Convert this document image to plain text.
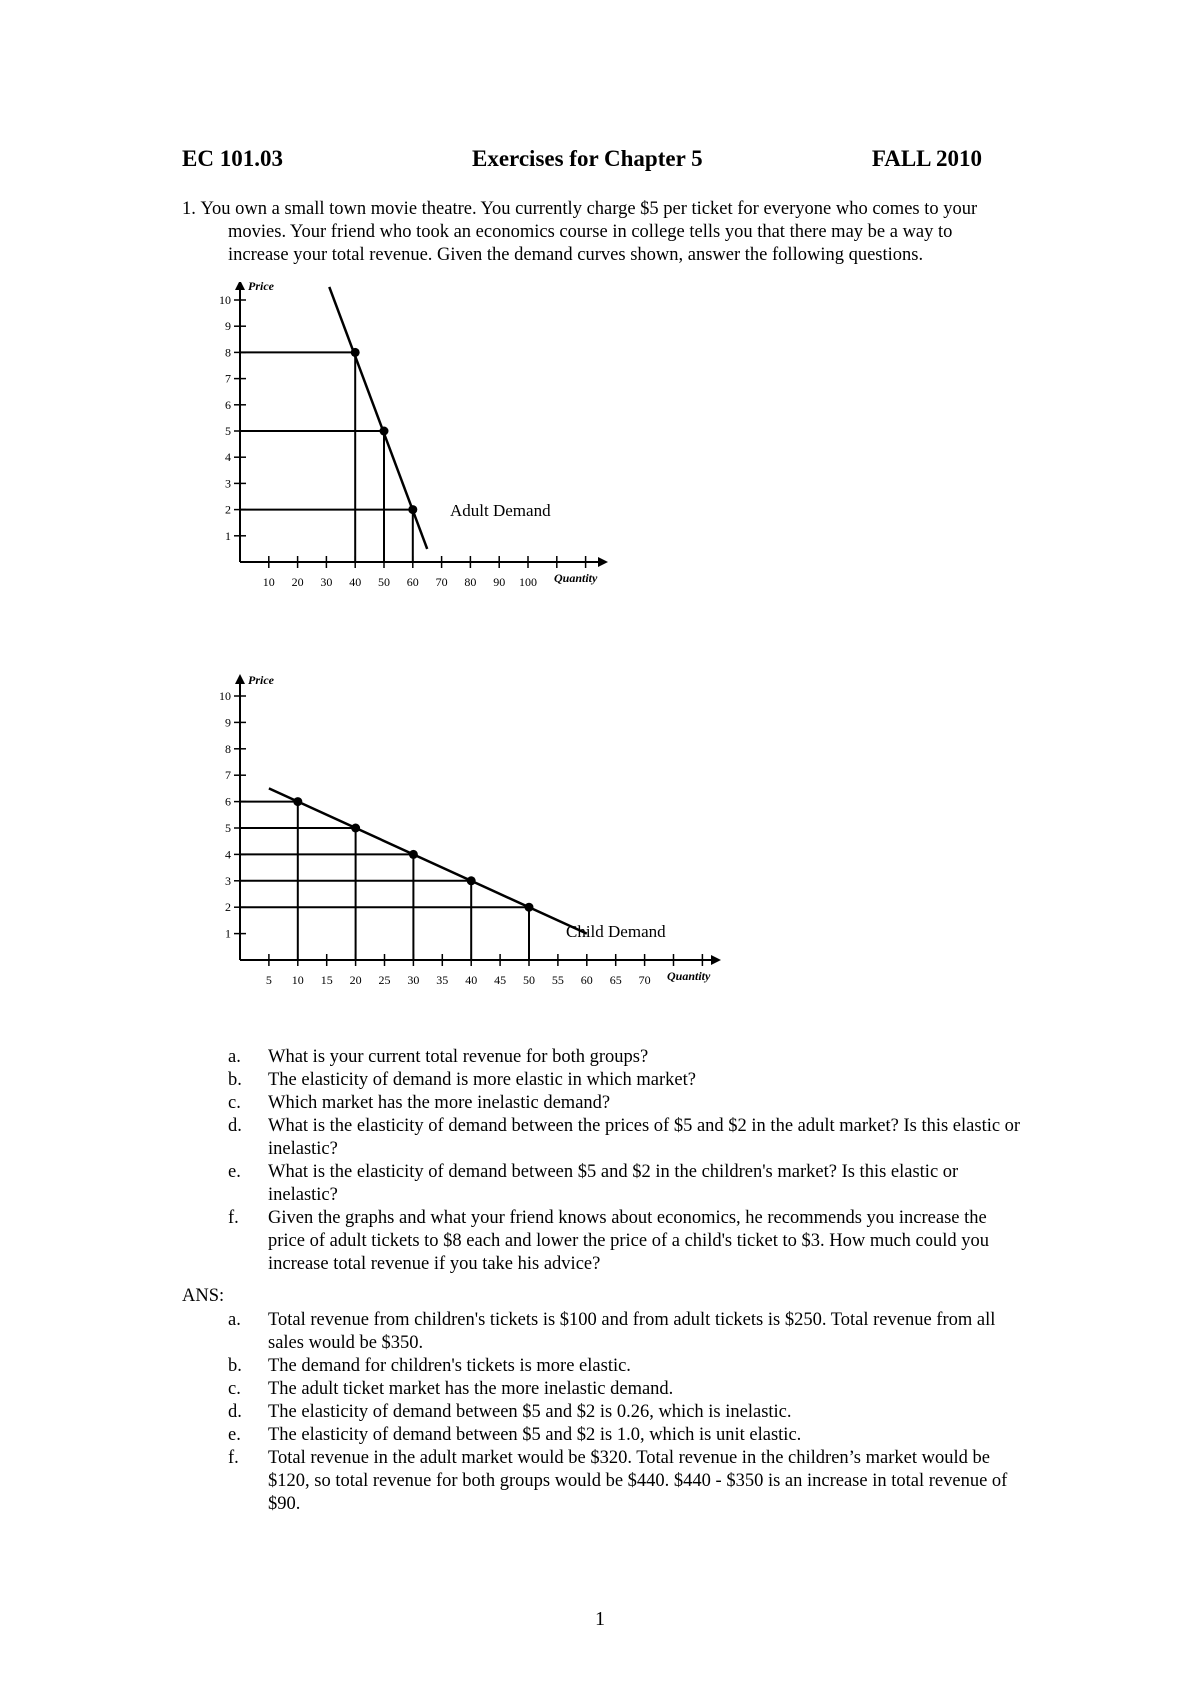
EC 101.03	Exercises for Chapter 5	FALL 2010

1. You own a small town movie theatre. You currently charge $5 per ticket for everyone who comes to your movies. Your friend who took an economics course in college tells you that there may be a way to increase your total revenue. Given the demand curves shown, answer the following questions.

1
2
3
4
5
6
7
8
9
10
10 20 30 40 50 60 70 80 90 100
Price
Quantity
Adult Demand
1
2
3
4
5
6
7
8
9
10
5 10 15 20 25 30 35 40 45 50 55 60 65 70
Price
Quantity
Child Demand
a. What is your current total revenue for both groups?
b. The elasticity of demand is more elastic in which market?
c. Which market has the more inelastic demand?
d. What is the elasticity of demand between the prices of $5 and $2 in the adult market? Is this elastic or inelastic?
e. What is the elasticity of demand between $5 and $2 in the children's market? Is this elastic or inelastic?
f. Given the graphs and what your friend knows about economics, he recommends you increase the price of adult tickets to $8 each and lower the price of a child's ticket to $3. How much could you increase total revenue if you take his advice?
ANS:
a. Total revenue from children's tickets is $100 and from adult tickets is $250. Total revenue from all sales would be $350.
b. The demand for children's tickets is more elastic.
c. The adult ticket market has the more inelastic demand.
d. The elasticity of demand between $5 and $2 is 0.26, which is inelastic.
e. The elasticity of demand between $5 and $2 is 1.0, which is unit elastic.
f. Total revenue in the adult market would be $320. Total revenue in the children’s market would be $120, so total revenue for both groups would be $440. $440 - $350 is an increase in total revenue of $90.
1
